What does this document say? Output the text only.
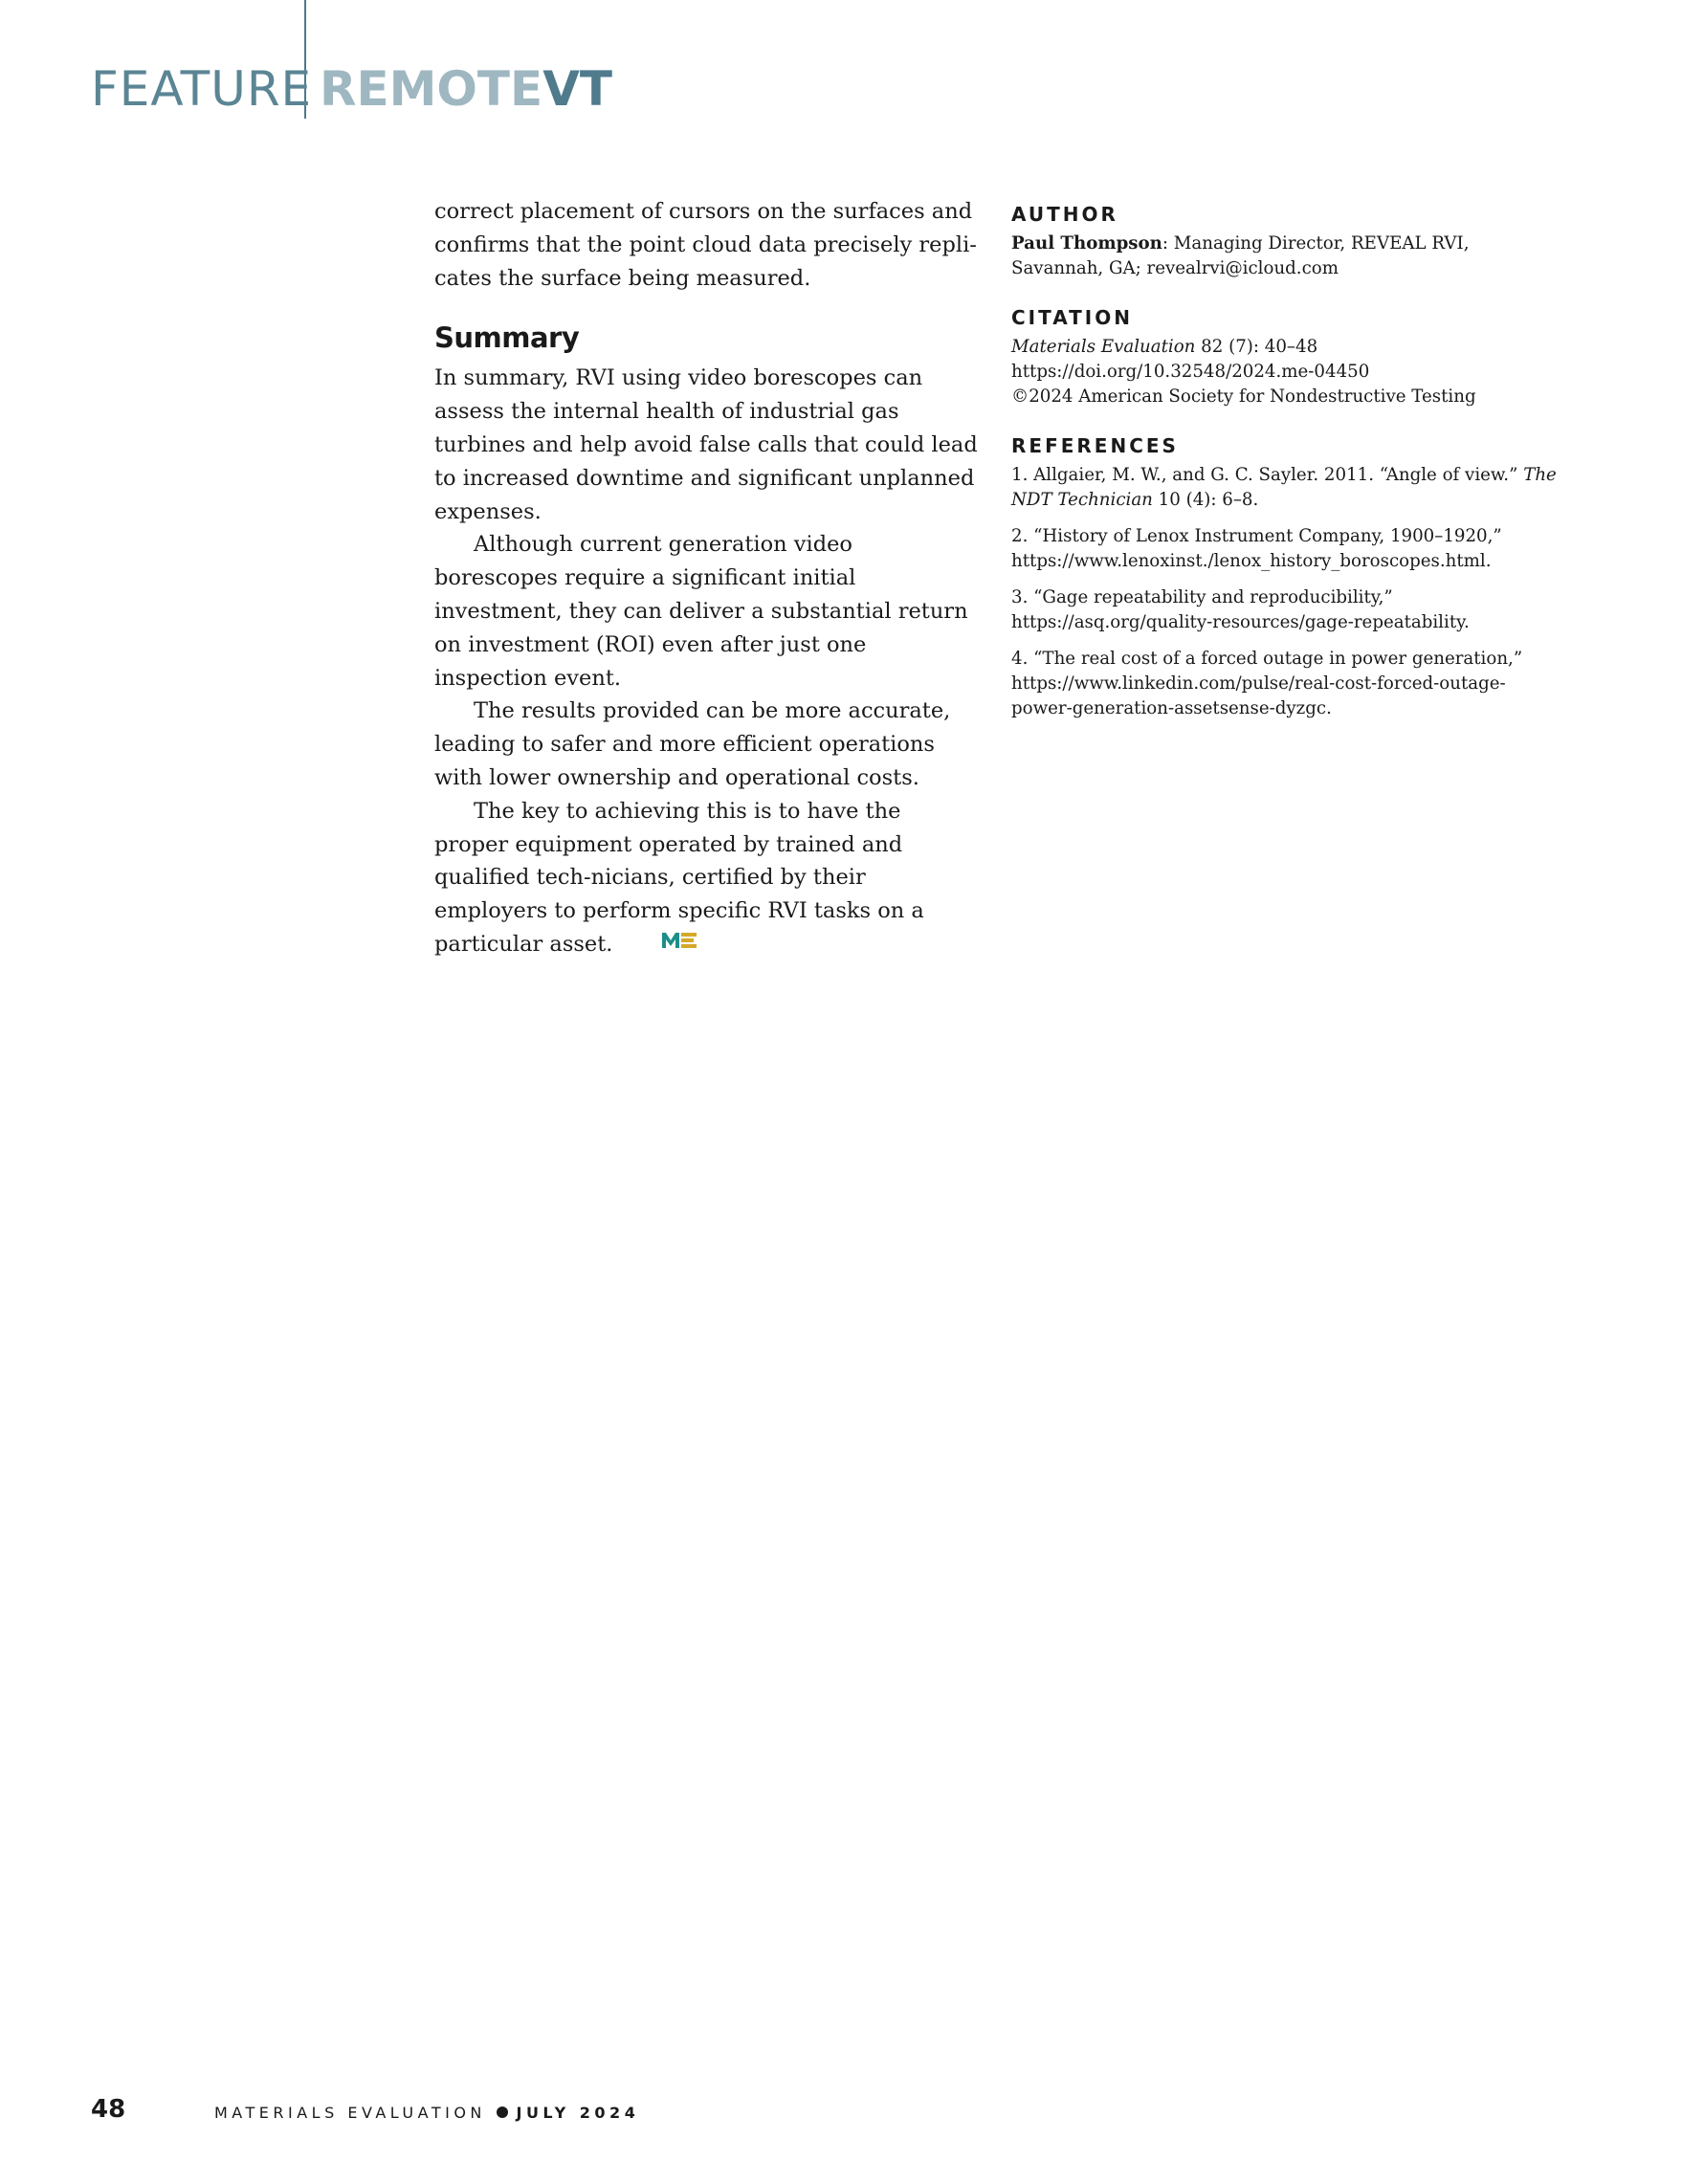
FEATURE REMOTEVT

correct placement of cursors on the surfaces and confirms that the point cloud data precisely repli-cates the surface being measured.

Summary

In summary, RVI using video borescopes can assess the internal health of industrial gas turbines and help avoid false calls that could lead to increased downtime and significant unplanned expenses.

Although current generation video borescopes require a significant initial investment, they can deliver a substantial return on investment (ROI) even after just one inspection event.

The results provided can be more accurate, leading to safer and more efficient operations with lower ownership and operational costs.

The key to achieving this is to have the proper equipment operated by trained and qualified tech-nicians, certified by their employers to perform specific RVI tasks on a particular asset.

AUTHOR

Paul Thompson: Managing Director, REVEAL RVI, Savannah, GA; revealrvi@icloud.com

CITATION

Materials Evaluation 82 (7): 40–48

https://doi.org/10.32548/2024.me-04450

©2024 American Society for Nondestructive Testing

REFERENCES

1. Allgaier, M. W., and G. C. Sayler. 2011. “Angle of view.” The NDT Technician 10 (4): 6–8.

2. “History of Lenox Instrument Company, 1900–1920,” https://www.lenoxinst./lenox_history_boroscopes.html.

3. “Gage repeatability and reproducibility,” https://asq.org/quality-resources/gage-repeatability.

4. “The real cost of a forced outage in power generation,” https://www.linkedin.com/pulse/real-cost-forced-outage-power-generation-assetsense-dyzgc.

48	MATERIALS EVALUATION JULY 2024
